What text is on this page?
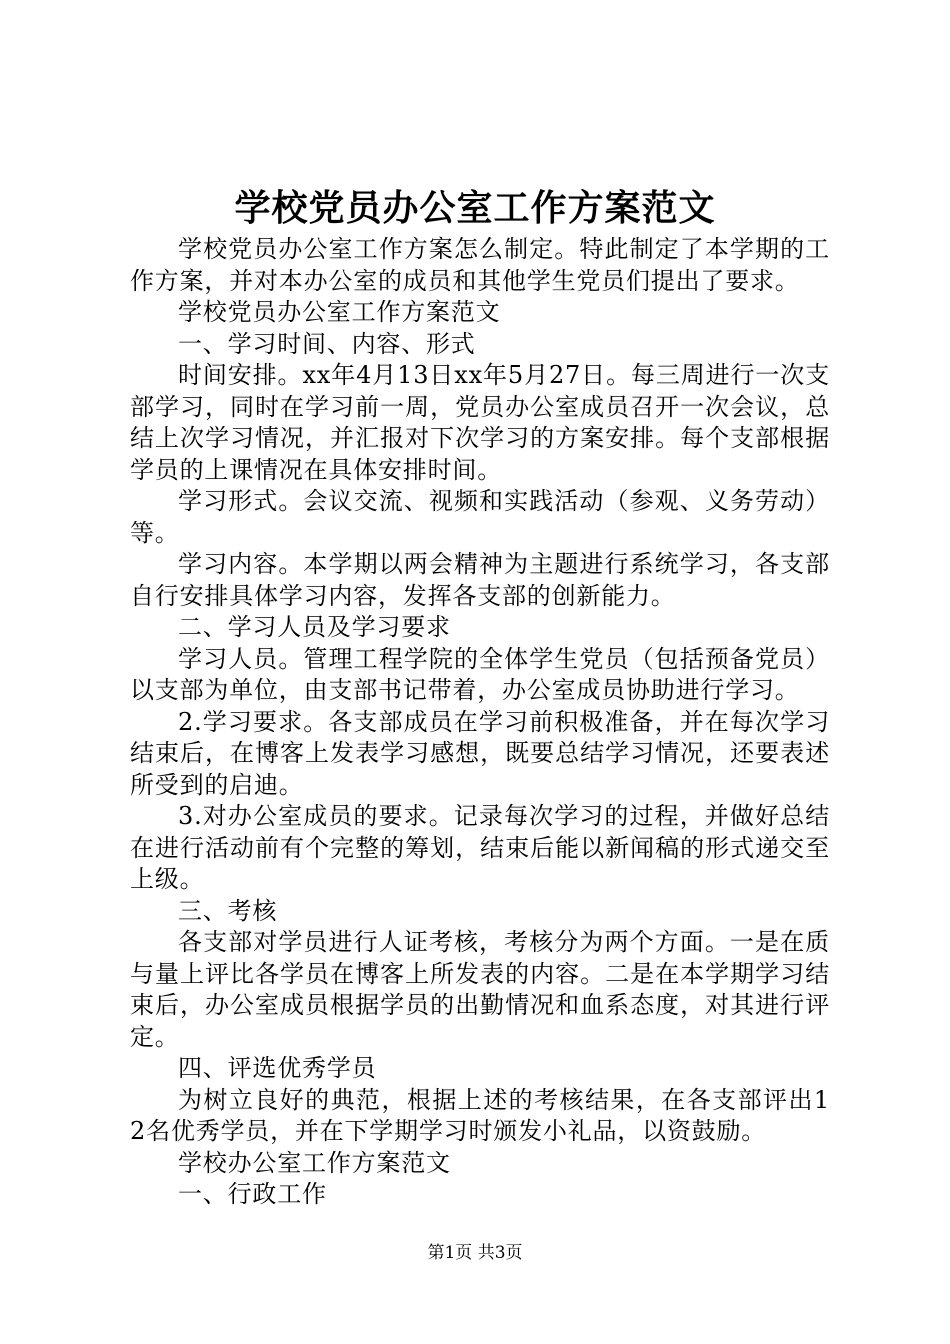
学校党员办公室工作方案范文

学校党员办公室工作方案怎么制定。特此制定了本学期的工作方案，并对本办公室的成员和其他学生党员们提出了要求。

学校党员办公室工作方案范文

一、学习时间、内容、形式

时间安排。xx年4月13日xx年5月27日。每三周进行一次支部学习，同时在学习前一周，党员办公室成员召开一次会议，总结上次学习情况，并汇报对下次学习的方案安排。每个支部根据学员的上课情况在具体安排时间。

学习形式。会议交流、视频和实践活动（参观、义务劳动）等。

学习内容。本学期以两会精神为主题进行系统学习，各支部自行安排具体学习内容，发挥各支部的创新能力。

二、学习人员及学习要求

学习人员。管理工程学院的全体学生党员（包括预备党员）以支部为单位，由支部书记带着，办公室成员协助进行学习。

2.学习要求。各支部成员在学习前积极准备，并在每次学习结束后，在博客上发表学习感想，既要总结学习情况，还要表述所受到的启迪。

3.对办公室成员的要求。记录每次学习的过程，并做好总结在进行活动前有个完整的筹划，结束后能以新闻稿的形式递交至上级。

三、考核

各支部对学员进行人证考核，考核分为两个方面。一是在质与量上评比各学员在博客上所发表的内容。二是在本学期学习结束后，办公室成员根据学员的出勤情况和血系态度，对其进行评定。

四、评选优秀学员

为树立良好的典范，根据上述的考核结果，在各支部评出12名优秀学员，并在下学期学习时颁发小礼品，以资鼓励。

学校办公室工作方案范文

一、行政工作

第1页 共3页
